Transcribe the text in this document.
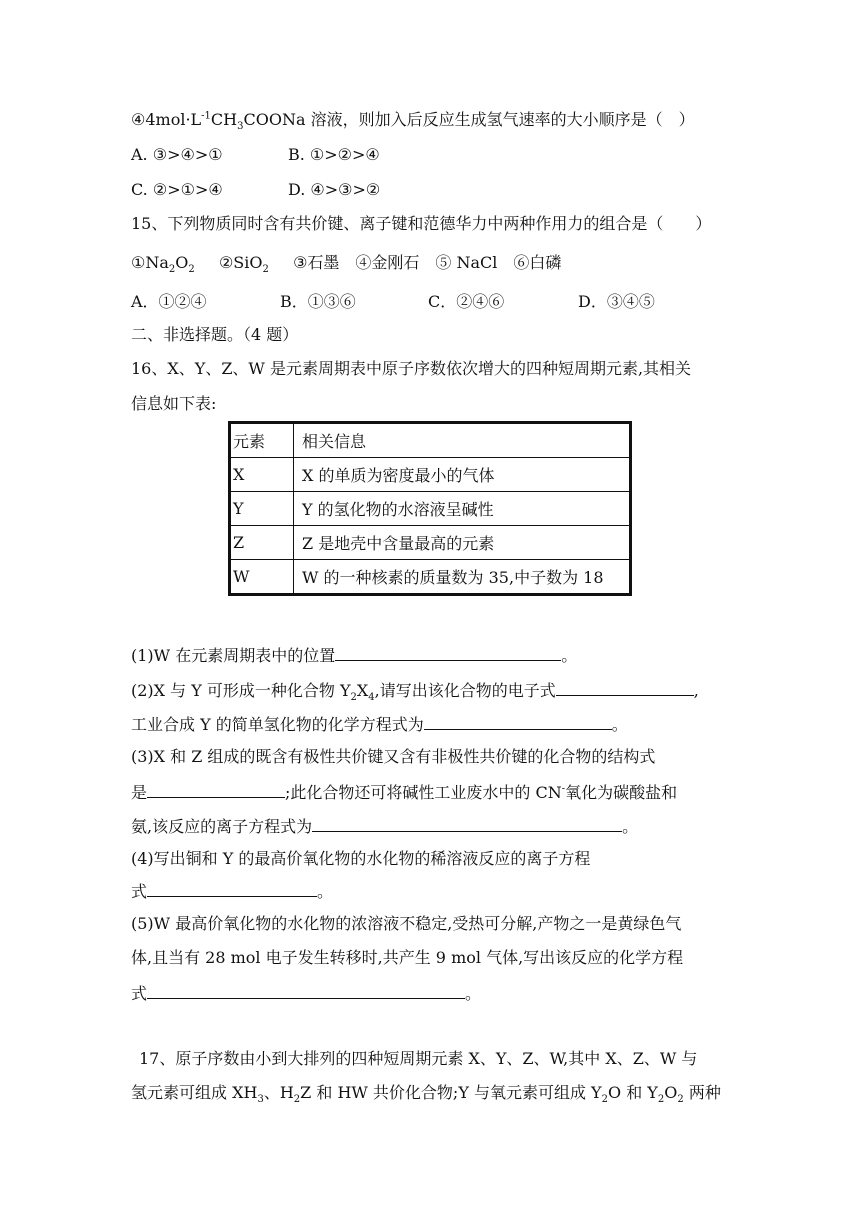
$④4mol\cdot L^{-1}CH_3COONa$ 溶液，则加入后反应生成氢气速率的大小顺序是（　）
A. ③>④>①	B. ①>②>④
C. ②>①>④	D. ④>③>②
15、下列物质同时含有共价键、离子键和范德华力中两种作用力的组合是（　　）
$①Na_2O_2$ ②SiO$_2$ ③石墨　④金刚石　⑤ NaCl　⑥白磷
A．①②④	B．①③⑥	C．②④⑥	D．③④⑤
二、非选择题。（4 题）
16、X、Y、Z、W 是元素周期表中原子序数依次增大的四种短周期元素,其相关
信息如下表:
元素	相关信息
X	X 的单质为密度最小的气体
Y	Y 的氢化物的水溶液呈碱性
Z	Z 是地壳中含量最高的元素
W	W 的一种核素的质量数为 35,中子数为 18
(1)W 在元素周期表中的位置	。
(2)X 与 Y 可形成一种化合物 $Y_2X_4$,请写出该化合物的电子式	,
工业合成 Y 的简单氢化物的化学方程式为	。
(3)X 和 Z 组成的既含有极性共价键又含有非极性共价键的化合物的结构式
是	;此化合物还可将碱性工业废水中的 CN-氧化为碳酸盐和
氨,该反应的离子方程式为	。
(4)写出铜和 Y 的最高价氧化物的水化物的稀溶液反应的离子方程
式	。
(5)W 最高价氧化物的水化物的浓溶液不稳定,受热可分解,产物之一是黄绿色气
体,且当有 28 mol 电子发生转移时,共产生 9 mol 气体,写出该反应的化学方程
式	。
17、原子序数由小到大排列的四种短周期元素 X、Y、Z、W,其中 X、Z、W 与
氢元素可组成 $XH_3$、$H_2Z$ 和 HW 共价化合物;Y 与氧元素可组成 $Y_2O$ 和 $Y_2O_2$ 两种
